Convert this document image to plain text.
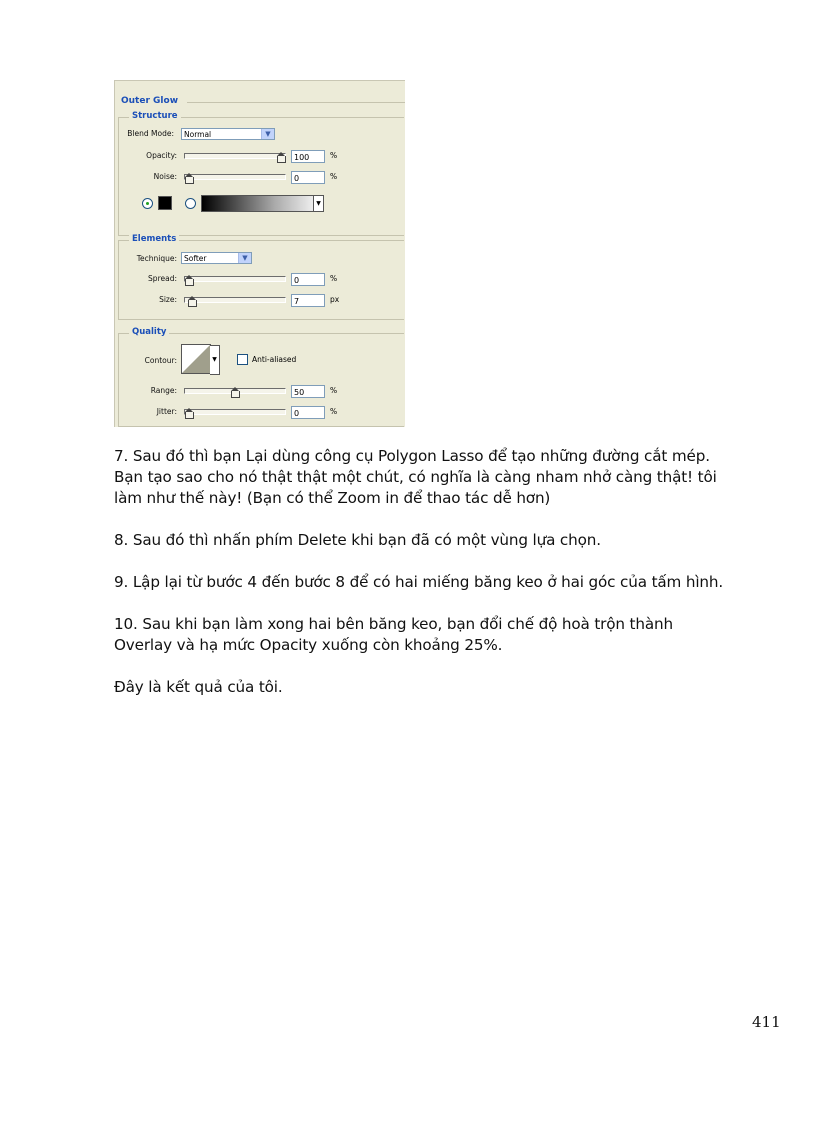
Outer Glow
Structure
Blend Mode:	Normal	▼
Opacity:	100	%
Noise:	0	%
▼
Elements
Technique: Softer	▼
Spread:	0	%
Size:	7	px
Quality
Contour:	▼	Anti-aliased
Range:	50	%
Jitter:	0	%
7. Sau đó thì bạn Lại dùng công cụ Polygon Lasso để tạo những đường cắt mép.
Bạn tạo sao cho nó thật thật một chút, có nghĩa là càng nham nhở càng thật! tôi
làm như thế này! (Bạn có thể Zoom in để thao tác dễ hơn)
8. Sau đó thì nhấn phím Delete khi bạn đã có một vùng lựa chọn.
9. Lập lại từ bước 4 đến bước 8 để có hai miếng băng keo ở hai góc của tấm hình.
10. Sau khi bạn làm xong hai bên băng keo, bạn đổi chế độ hoà trộn thành
Overlay và hạ mức Opacity xuống còn khoảng 25%.
Đây là kết quả của tôi.
411
